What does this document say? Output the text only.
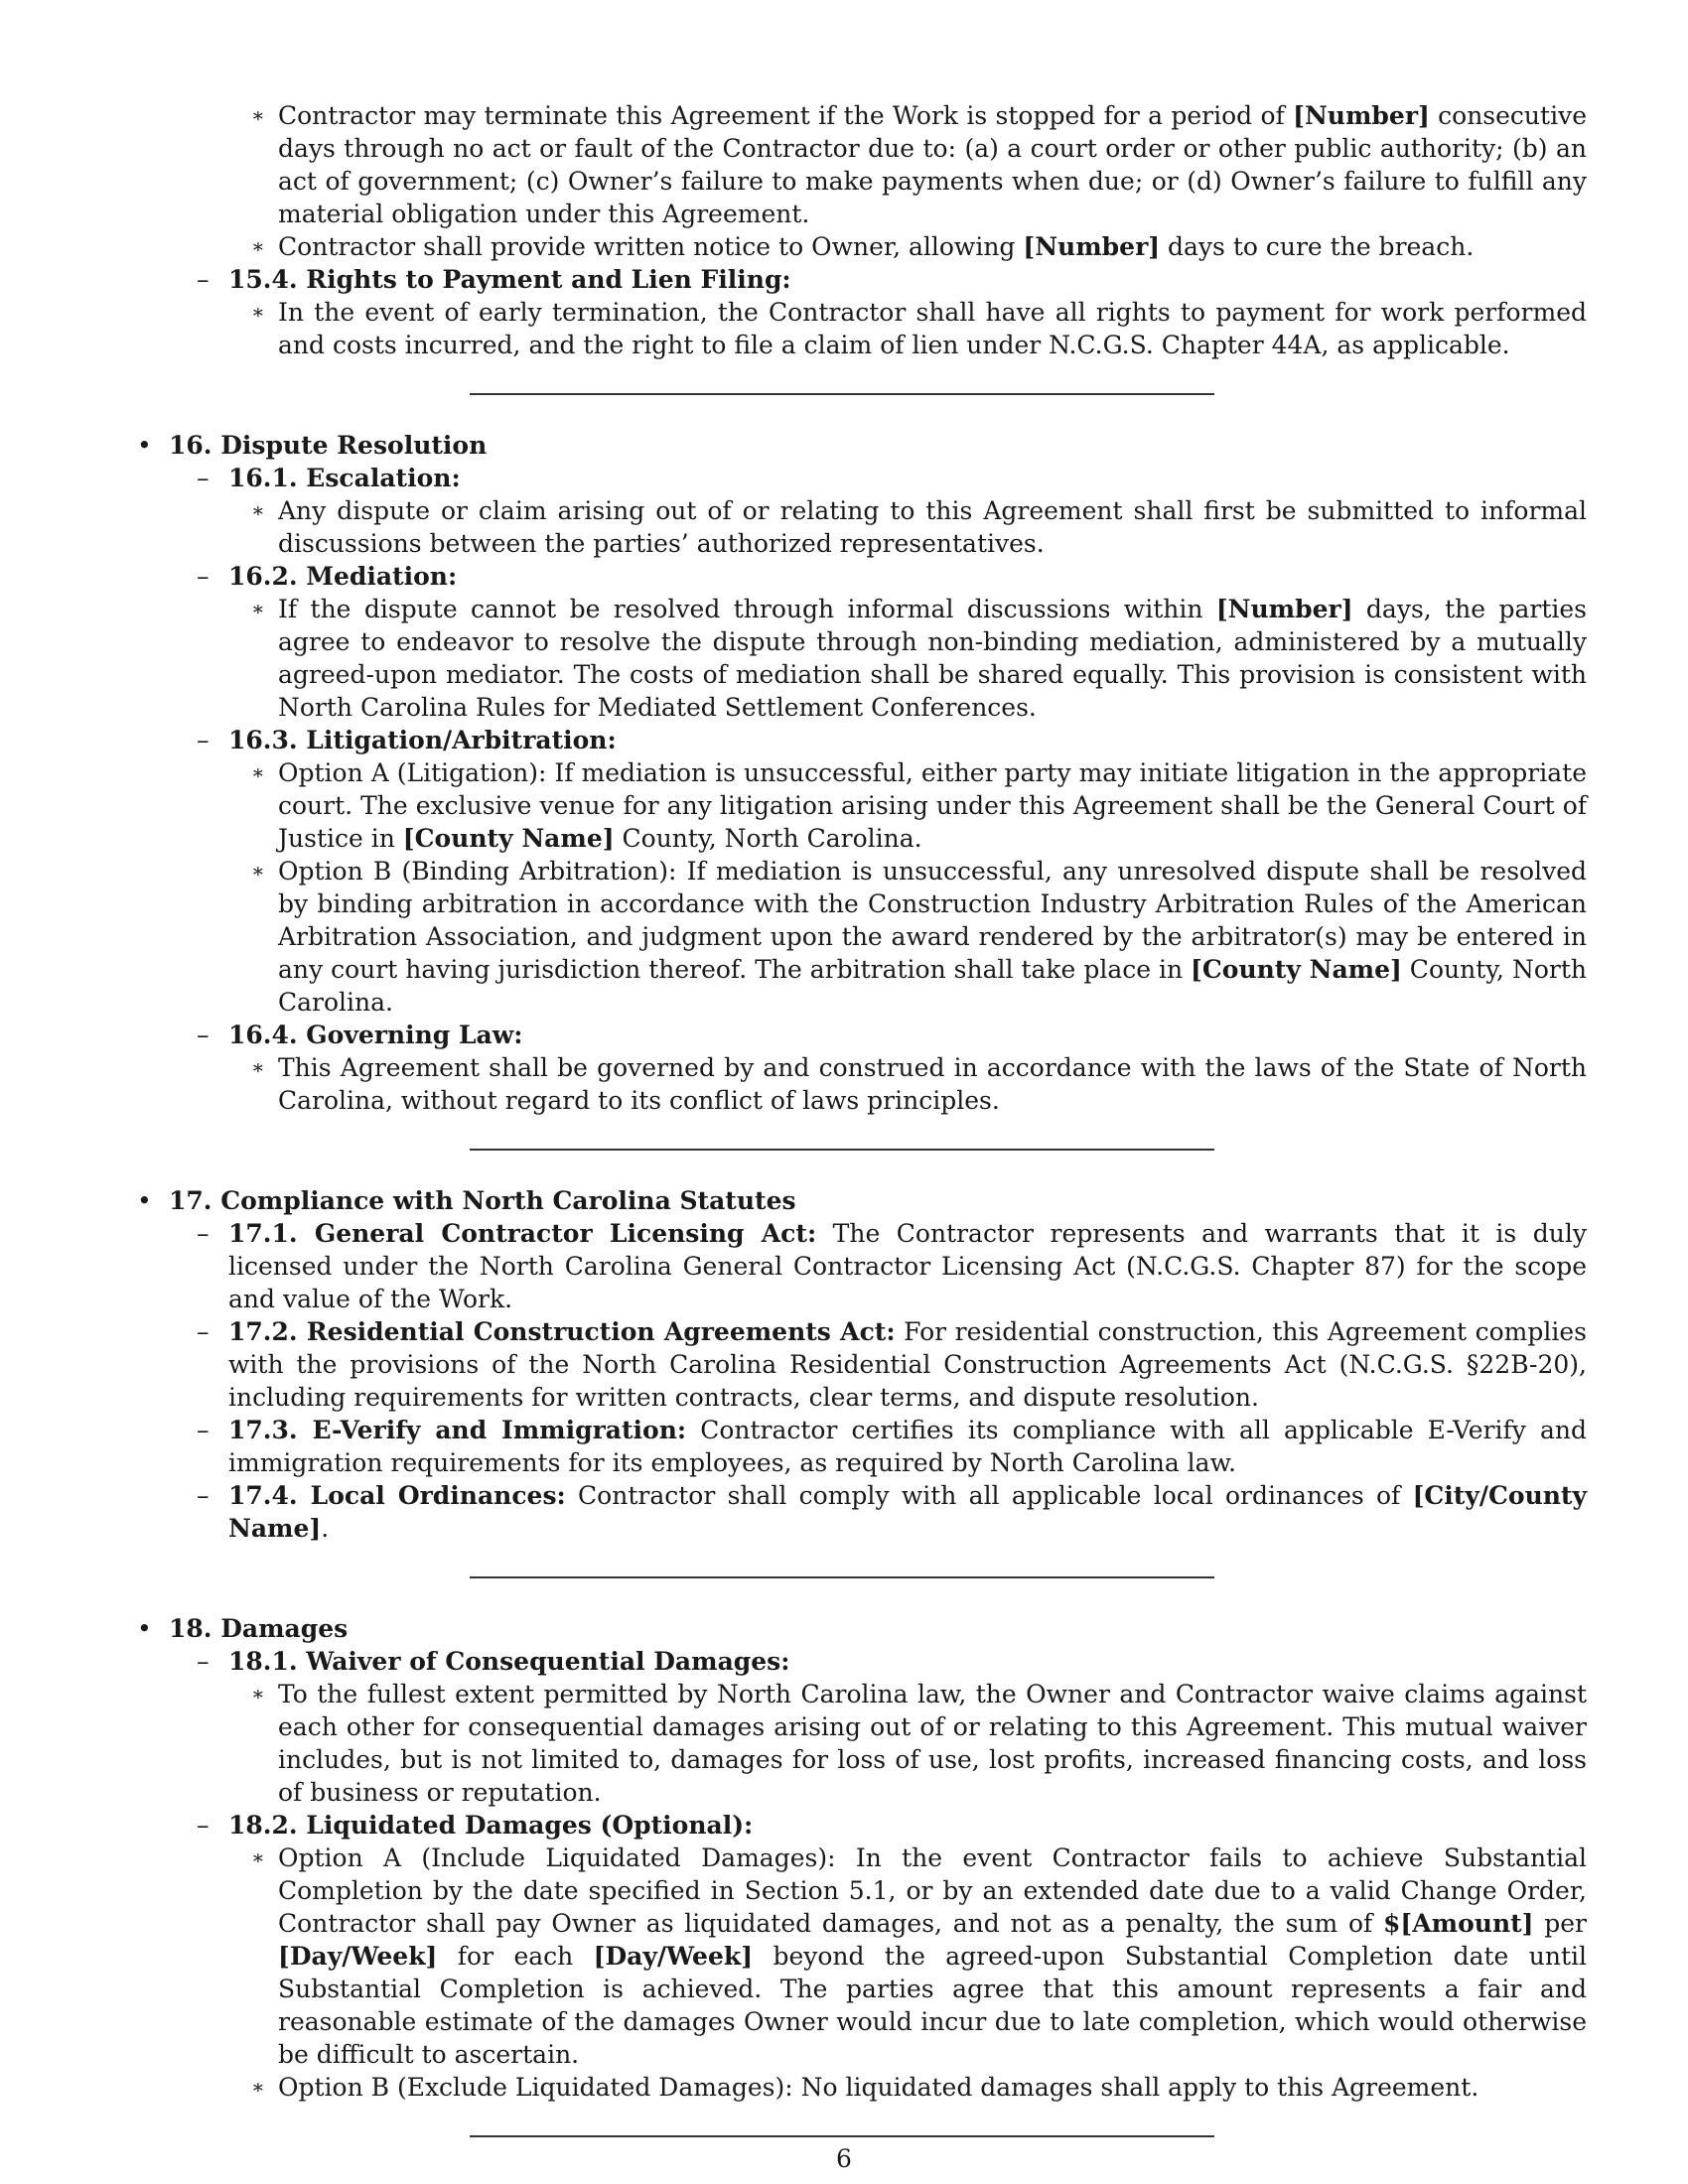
∗ Contractor may terminate this Agreement if the Work is stopped for a period of [Number] consecutive days through no act or fault of the Contractor due to: (a) a court order or other public authority; (b) an act of government; (c) Owner’s failure to make payments when due; or (d) Owner’s failure to fulfill any material obligation under this Agreement.

∗ Contractor shall provide written notice to Owner, allowing [Number] days to cure the breach.

– 15.4. Rights to Payment and Lien Filing:

∗ In the event of early termination, the Contractor shall have all rights to payment for work performed and costs incurred, and the right to file a claim of lien under N.C.G.S. Chapter 44A, as applicable.

• 16. Dispute Resolution

– 16.1. Escalation:

∗ Any dispute or claim arising out of or relating to this Agreement shall first be submitted to informal discussions between the parties’ authorized representatives.

– 16.2. Mediation:

∗ If the dispute cannot be resolved through informal discussions within [Number] days, the parties agree to endeavor to resolve the dispute through non-binding mediation, administered by a mutually agreed-upon mediator. The costs of mediation shall be shared equally. This provision is consistent with North Carolina Rules for Mediated Settlement Conferences.

– 16.3. Litigation/Arbitration:

∗ Option A (Litigation): If mediation is unsuccessful, either party may initiate litigation in the appropriate court. The exclusive venue for any litigation arising under this Agreement shall be the General Court of Justice in [County Name] County, North Carolina.

∗ Option B (Binding Arbitration): If mediation is unsuccessful, any unresolved dispute shall be resolved by binding arbitration in accordance with the Construction Industry Arbitration Rules of the American Arbitration Association, and judgment upon the award rendered by the arbitrator(s) may be entered in any court having jurisdiction thereof. The arbitration shall take place in [County Name] County, North Carolina.

– 16.4. Governing Law:

∗ This Agreement shall be governed by and construed in accordance with the laws of the State of North Carolina, without regard to its conflict of laws principles.

• 17. Compliance with North Carolina Statutes

– 17.1. General Contractor Licensing Act: The Contractor represents and warrants that it is duly licensed under the North Carolina General Contractor Licensing Act (N.C.G.S. Chapter 87) for the scope and value of the Work.

– 17.2. Residential Construction Agreements Act: For residential construction, this Agreement complies with the provisions of the North Carolina Residential Construction Agreements Act (N.C.G.S. §22B-20), including requirements for written contracts, clear terms, and dispute resolution.

– 17.3. E-Verify and Immigration: Contractor certifies its compliance with all applicable E-Verify and immigration requirements for its employees, as required by North Carolina law.

– 17.4. Local Ordinances: Contractor shall comply with all applicable local ordinances of [City/County Name].

• 18. Damages

– 18.1. Waiver of Consequential Damages:

∗ To the fullest extent permitted by North Carolina law, the Owner and Contractor waive claims against each other for consequential damages arising out of or relating to this Agreement. This mutual waiver includes, but is not limited to, damages for loss of use, lost profits, increased financing costs, and loss of business or reputation.

– 18.2. Liquidated Damages (Optional):

∗ Option A (Include Liquidated Damages): In the event Contractor fails to achieve Substantial Completion by the date specified in Section 5.1, or by an extended date due to a valid Change Order, Contractor shall pay Owner as liquidated damages, and not as a penalty, the sum of $[Amount] per [Day/Week] for each [Day/Week] beyond the agreed-upon Substantial Completion date until Substantial Completion is achieved. The parties agree that this amount represents a fair and reasonable estimate of the damages Owner would incur due to late completion, which would otherwise be difficult to ascertain.

∗ Option B (Exclude Liquidated Damages): No liquidated damages shall apply to this Agreement.

6
